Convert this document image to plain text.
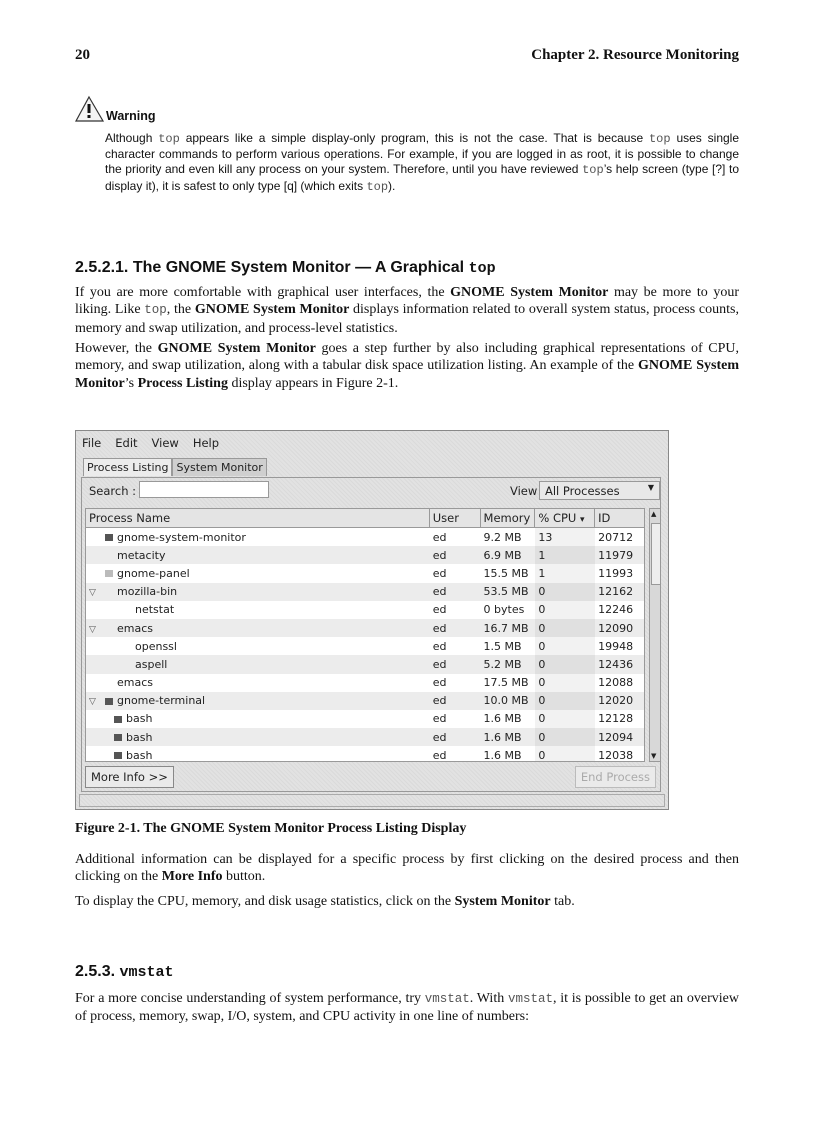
20	Chapter 2. Resource Monitoring
Warning
Although top appears like a simple display-only program, this is not the case. That is because top uses single character commands to perform various operations. For example, if you are logged in as root, it is possible to change the priority and even kill any process on your system. Therefore, until you have reviewed top’s help screen (type [?] to display it), it is safest to only type [q] (which exits top).
2.5.2.1. The GNOME System Monitor — A Graphical top
If you are more comfortable with graphical user interfaces, the GNOME System Monitor may be more to your liking. Like top, the GNOME System Monitor displays information related to overall system status, process counts, memory and swap utilization, and process-level statistics.
However, the GNOME System Monitor goes a step further by also including graphical representations of CPU, memory, and swap utilization, along with a tabular disk space utilization listing. An example of the GNOME System Monitor’s Process Listing display appears in Figure 2-1.
File Edit View Help
Process Listing System Monitor
Search :	View All Processes	▼
Process Name	User	Memory % CPU ▾	ID
gnome-system-monitor	ed	9.2 MB	13	20712
metacity	ed	6.9 MB	1	11979
gnome-panel	ed	15.5 MB 1	11993
▽ mozilla-bin	ed	53.5 MB 0	12162
netstat	ed	0 bytes	0	12246
▽ emacs	ed	16.7 MB 0	12090
openssl	ed	1.5 MB	0	19948
aspell	ed	5.2 MB	0	12436
emacs	ed	17.5 MB 0	12088
▽ gnome-terminal	ed	10.0 MB 0	12020
bash	ed	1.6 MB	0	12128
bash	ed	1.6 MB	0	12094
bash	ed	1.6 MB	0	12038
▲
▼
More Info >>	End Process
Figure 2-1. The GNOME System Monitor Process Listing Display
Additional information can be displayed for a specific process by first clicking on the desired process and then clicking on the More Info button.
To display the CPU, memory, and disk usage statistics, click on the System Monitor tab.
2.5.3. vmstat
For a more concise understanding of system performance, try vmstat. With vmstat, it is possible to get an overview of process, memory, swap, I/O, system, and CPU activity in one line of numbers:
